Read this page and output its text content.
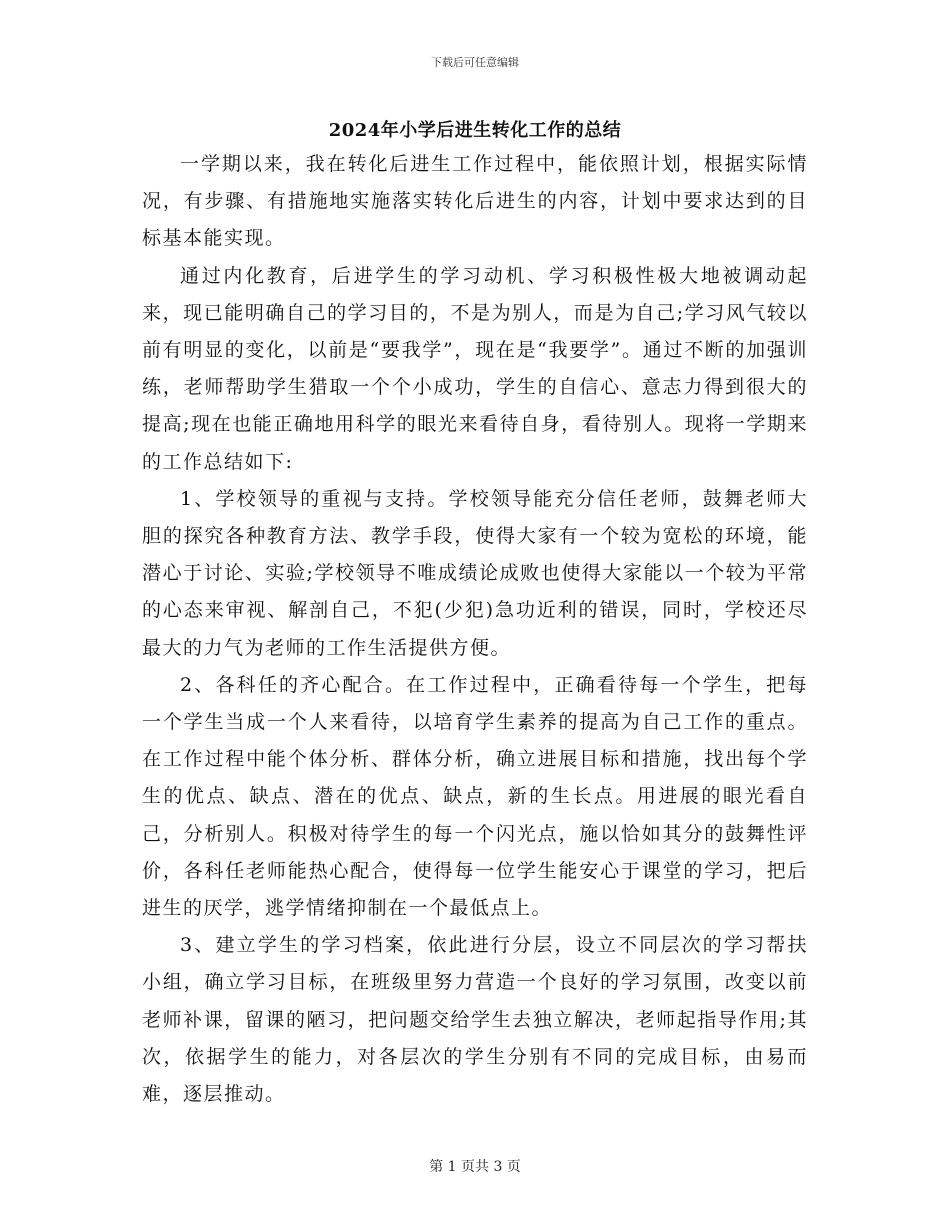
下载后可任意编辑
2024年小学后进生转化工作的总结

一学期以来，我在转化后进生工作过程中，能依照计划，根据实际情况，有步骤、有措施地实施落实转化后进生的内容，计划中要求达到的目标基本能实现。

通过内化教育，后进学生的学习动机、学习积极性极大地被调动起来，现已能明确自己的学习目的，不是为别人，而是为自己;学习风气较以前有明显的变化，以前是“要我学”，现在是“我要学”。通过不断的加强训练，老师帮助学生猎取一个个小成功，学生的自信心、意志力得到很大的提高;现在也能正确地用科学的眼光来看待自身，看待别人。现将一学期来的工作总结如下:

1、学校领导的重视与支持。学校领导能充分信任老师，鼓舞老师大胆的探究各种教育方法、教学手段，使得大家有一个较为宽松的环境，能潜心于讨论、实验;学校领导不唯成绩论成败也使得大家能以一个较为平常的心态来审视、解剖自己，不犯(少犯)急功近利的错误，同时，学校还尽最大的力气为老师的工作生活提供方便。

2、各科任的齐心配合。在工作过程中，正确看待每一个学生，把每一个学生当成一个人来看待，以培育学生素养的提高为自己工作的重点。在工作过程中能个体分析、群体分析，确立进展目标和措施，找出每个学生的优点、缺点、潜在的优点、缺点，新的生长点。用进展的眼光看自己，分析别人。积极对待学生的每一个闪光点，施以恰如其分的鼓舞性评价，各科任老师能热心配合，使得每一位学生能安心于课堂的学习，把后进生的厌学，逃学情绪抑制在一个最低点上。

3、建立学生的学习档案，依此进行分层，设立不同层次的学习帮扶小组，确立学习目标，在班级里努力营造一个良好的学习氛围，改变以前老师补课，留课的陋习，把问题交给学生去独立解决，老师起指导作用;其次，依据学生的能力，对各层次的学生分别有不同的完成目标，由易而难，逐层推动。

第 1 页共 3 页
